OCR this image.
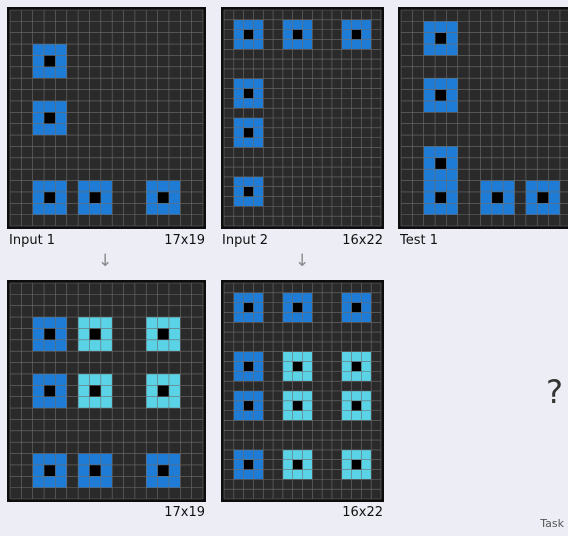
Input 1	17x19 Input 2	16x22 Test 1
↓	↓
17x19	16x22
?
Task
